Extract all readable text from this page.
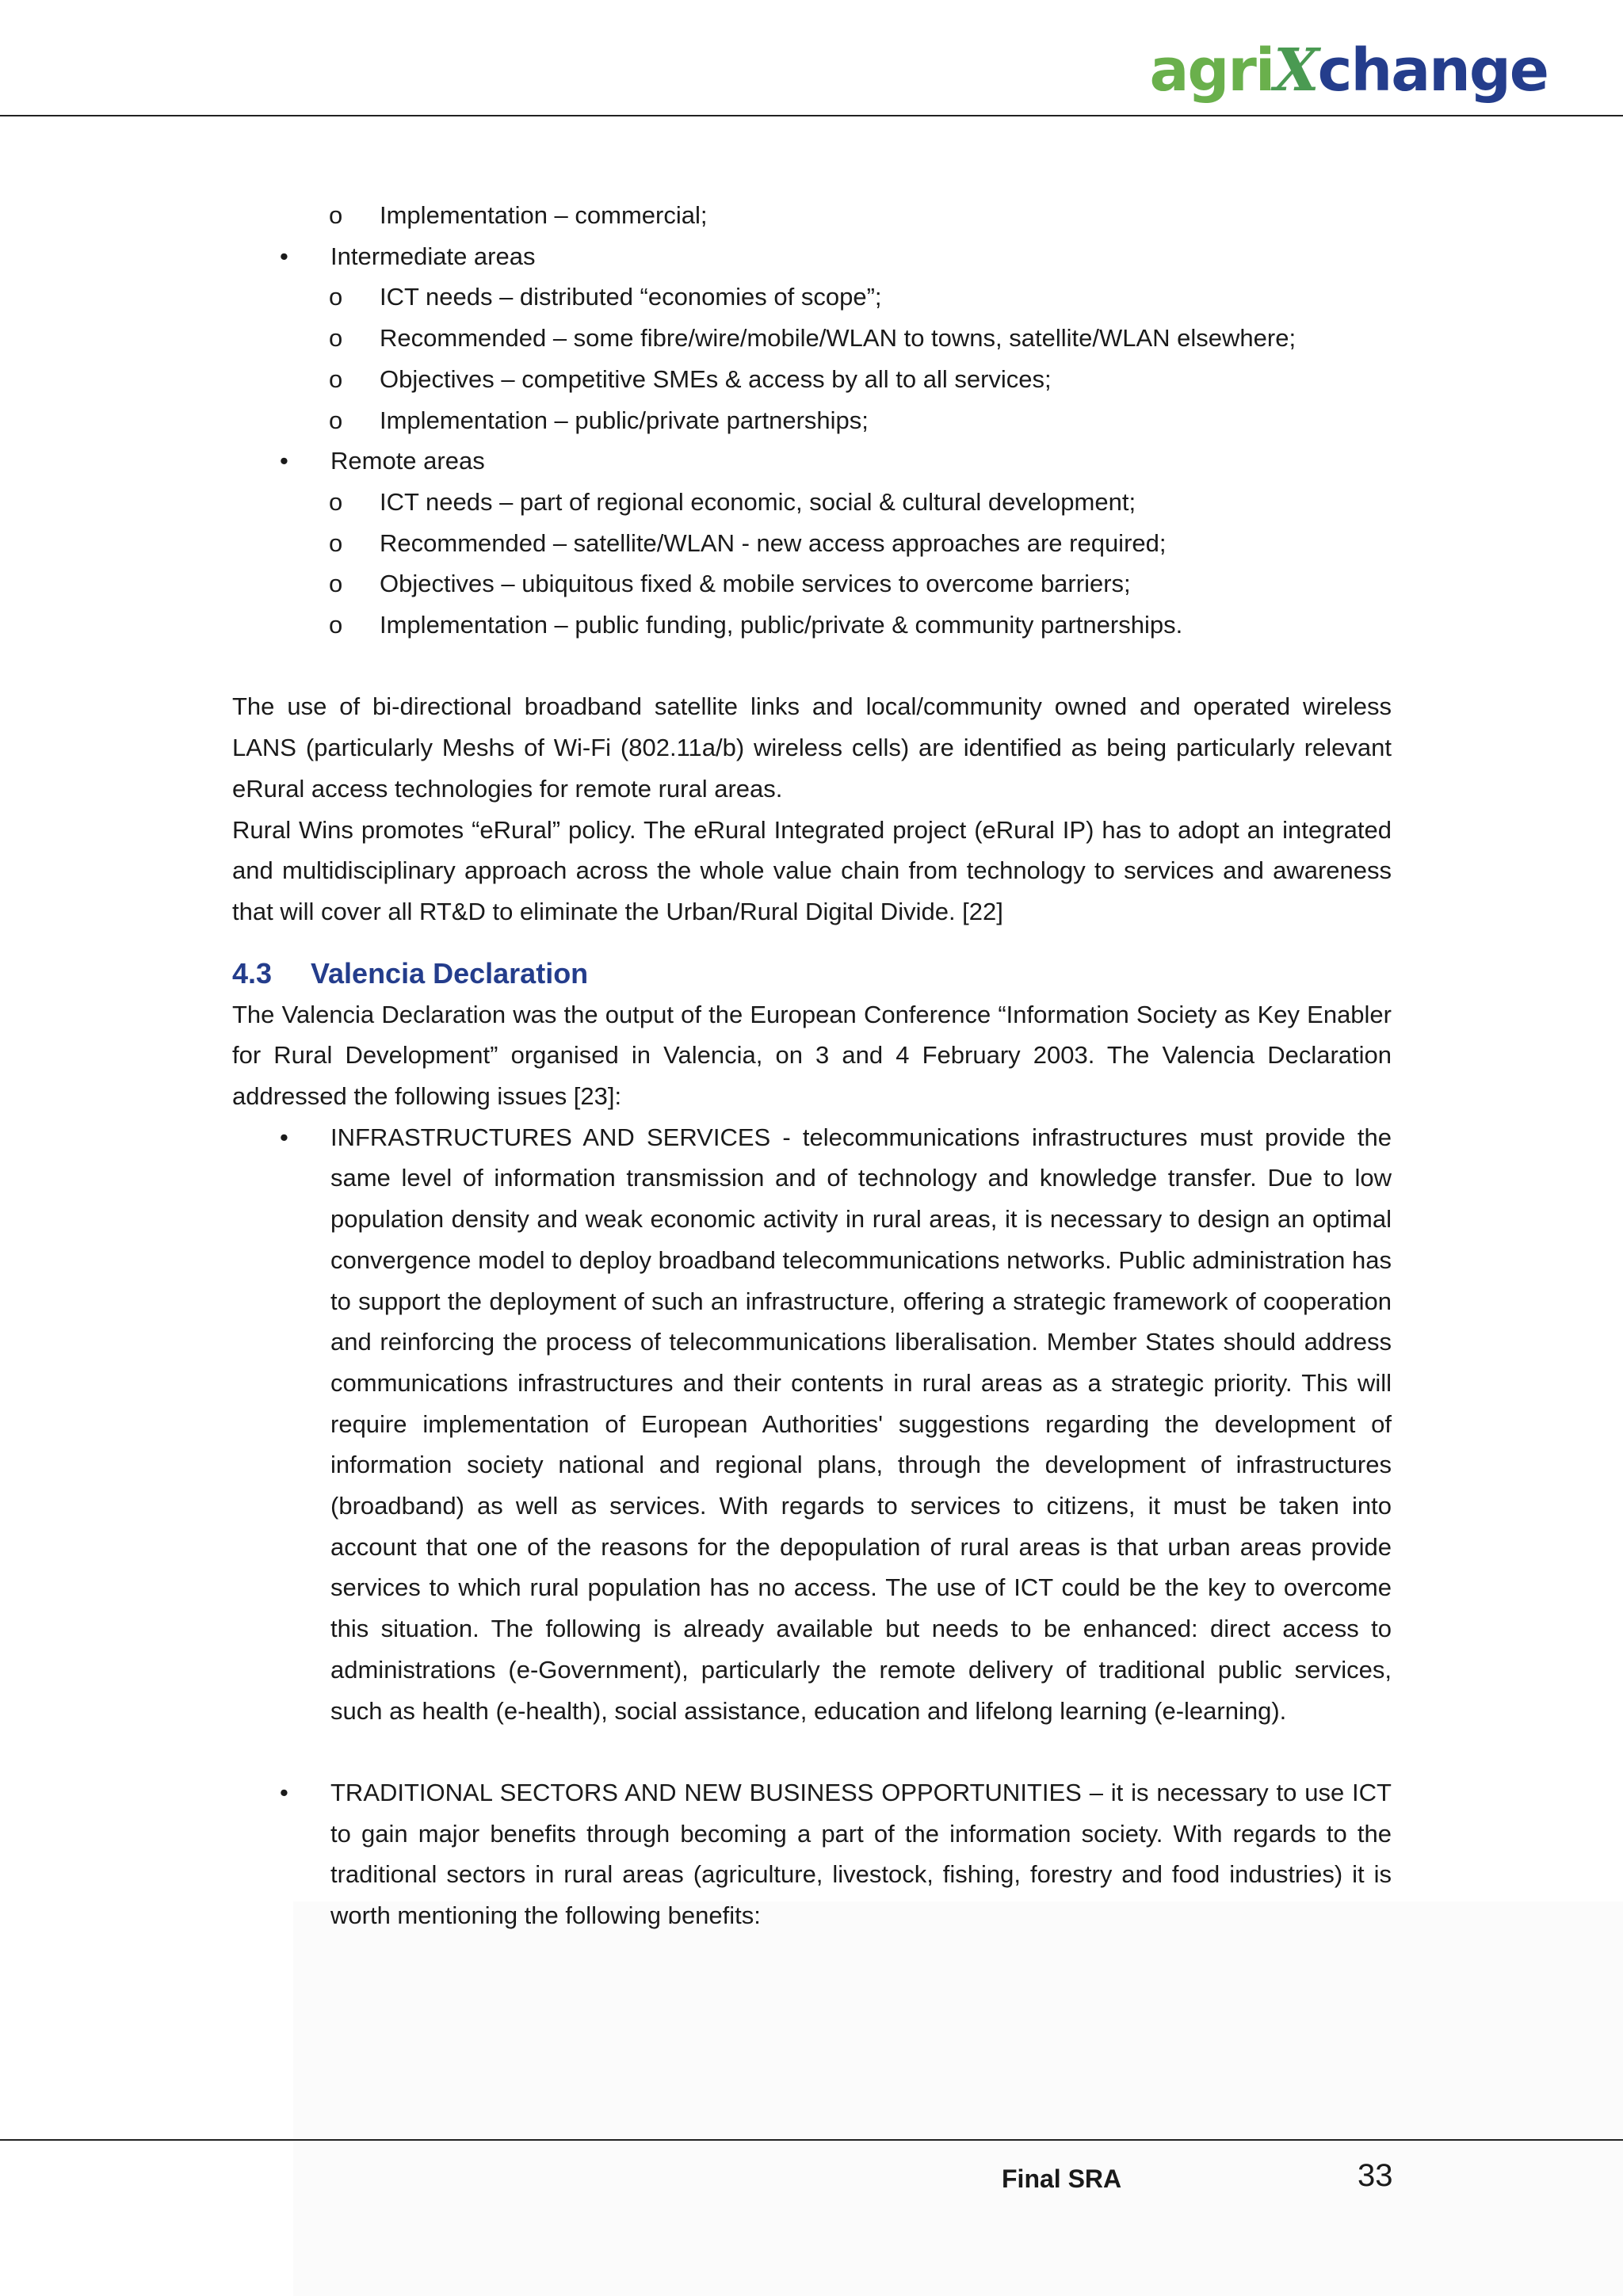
agriXchange
o Implementation – commercial;
• Intermediate areas
o ICT needs – distributed “economies of scope”;
o Recommended – some fibre/wire/mobile/WLAN to towns, satellite/WLAN elsewhere;
o Objectives – competitive SMEs & access by all to all services;
o Implementation – public/private partnerships;
• Remote areas
o ICT needs – part of regional economic, social & cultural development;
o Recommended – satellite/WLAN - new access approaches are required;
o Objectives – ubiquitous fixed & mobile services to overcome barriers;
o Implementation – public funding, public/private & community partnerships.

The use of bi-directional broadband satellite links and local/community owned and operated wireless LANS (particularly Meshs of Wi-Fi (802.11a/b) wireless cells) are identified as being particularly relevant eRural access technologies for remote rural areas.

Rural Wins promotes “eRural” policy. The eRural Integrated project (eRural IP) has to adopt an integrated and multidisciplinary approach across the whole value chain from technology to services and awareness that will cover all RT&D to eliminate the Urban/Rural Digital Divide. [22]

4.3 Valencia Declaration

The Valencia Declaration was the output of the European Conference “Information Society as Key Enabler for Rural Development” organised in Valencia, on 3 and 4 February 2003. The Valencia Declaration addressed the following issues [23]:

• INFRASTRUCTURES AND SERVICES - telecommunications infrastructures must provide the same level of information transmission and of technology and knowledge transfer. Due to low population density and weak economic activity in rural areas, it is necessary to design an optimal convergence model to deploy broadband telecommunications networks. Public administration has to support the deployment of such an infrastructure, offering a strategic framework of cooperation and reinforcing the process of telecommunications liberalisation. Member States should address communications infrastructures and their contents in rural areas as a strategic priority. This will require implementation of European Authorities' suggestions regarding the development of information society national and regional plans, through the development of infrastructures (broadband) as well as services. With regards to services to citizens, it must be taken into account that one of the reasons for the depopulation of rural areas is that urban areas provide services to which rural population has no access. The use of ICT could be the key to overcome this situation. The following is already available but needs to be enhanced: direct access to administrations (e-Government), particularly the remote delivery of traditional public services, such as health (e-health), social assistance, education and lifelong learning (e-learning).
• TRADITIONAL SECTORS AND NEW BUSINESS OPPORTUNITIES – it is necessary to use ICT to gain major benefits through becoming a part of the information society. With regards to the traditional sectors in rural areas (agriculture, livestock, fishing, forestry and food industries) it is worth mentioning the following benefits:
Final SRA	33
